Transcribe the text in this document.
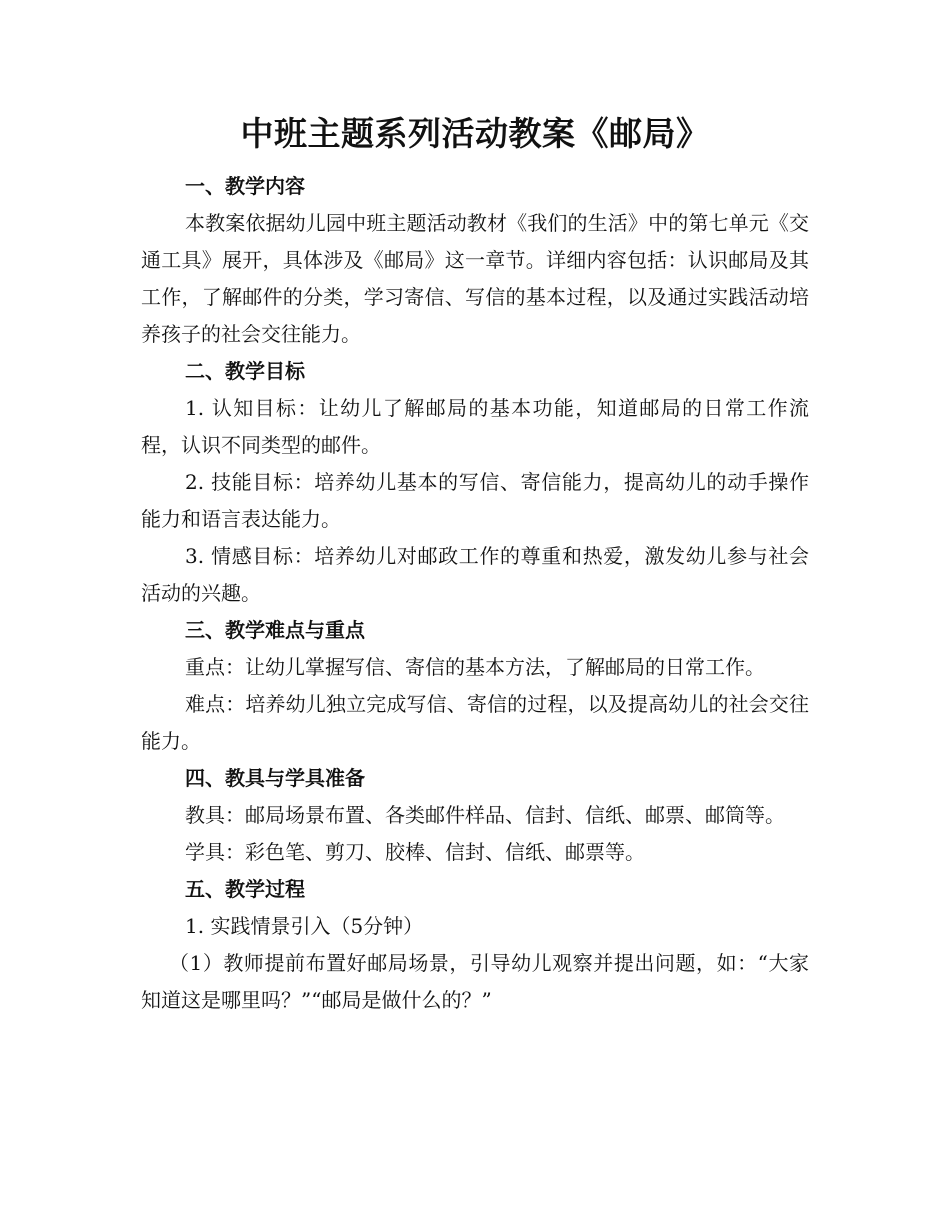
中班主题系列活动教案《邮局》

一、教学内容

本教案依据幼儿园中班主题活动教材《我们的生活》中的第七单元《交通工具》展开，具体涉及《邮局》这一章节。详细内容包括：认识邮局及其工作，了解邮件的分类，学习寄信、写信的基本过程，以及通过实践活动培养孩子的社会交往能力。

二、教学目标

1. 认知目标：让幼儿了解邮局的基本功能，知道邮局的日常工作流程，认识不同类型的邮件。

2. 技能目标：培养幼儿基本的写信、寄信能力，提高幼儿的动手操作能力和语言表达能力。

3. 情感目标：培养幼儿对邮政工作的尊重和热爱，激发幼儿参与社会活动的兴趣。

三、教学难点与重点

重点：让幼儿掌握写信、寄信的基本方法，了解邮局的日常工作。

难点：培养幼儿独立完成写信、寄信的过程，以及提高幼儿的社会交往能力。

四、教具与学具准备

教具：邮局场景布置、各类邮件样品、信封、信纸、邮票、邮筒等。

学具：彩色笔、剪刀、胶棒、信封、信纸、邮票等。

五、教学过程

1. 实践情景引入（5分钟）

（1）教师提前布置好邮局场景，引导幼儿观察并提出问题，如：“大家知道这是哪里吗？”“邮局是做什么的？”
